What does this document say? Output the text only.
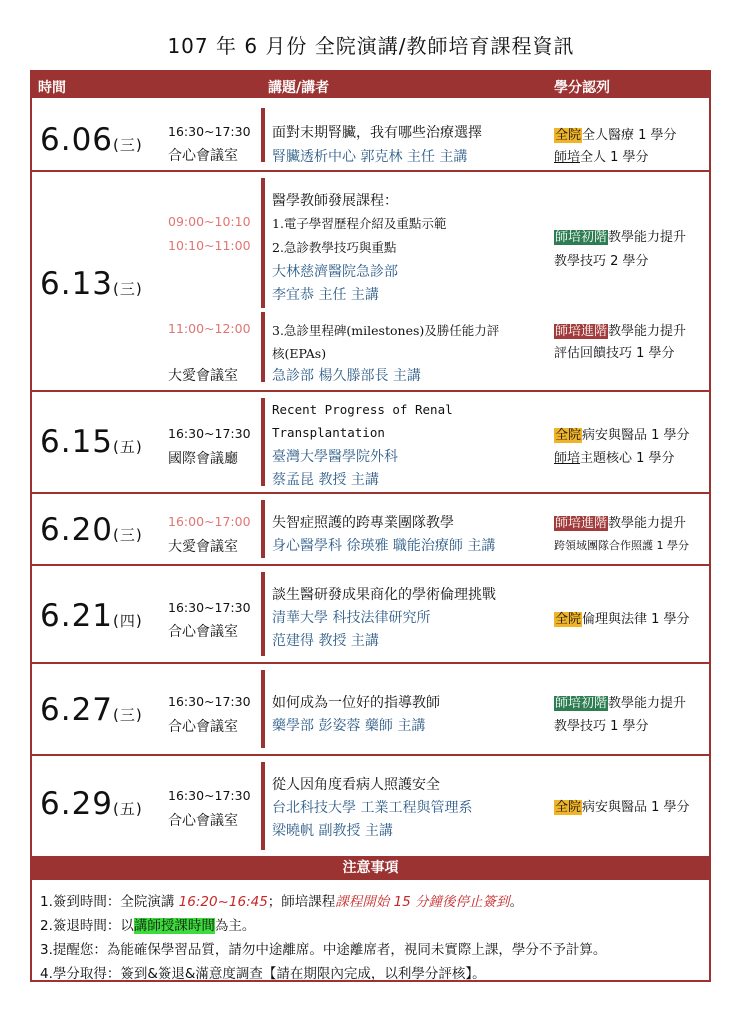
107 年 6 月份 全院演講/教師培育課程資訊
時間	講題/講者	學分認列
6.06(三)
16:30~17:30
合心會議室
面對末期腎臟，我有哪些治療選擇
腎臟透析中心 郭克林 主任 主講
全院全人醫療 1 學分
師培全人 1 學分
6.13(三)
09:00~10:10
10:10~11:00
醫學教師發展課程：
1.電子學習歷程介紹及重點示範
2.急診教學技巧與重點
大林慈濟醫院急診部
李宜恭 主任 主講
師培初階教學能力提升
教學技巧 2 學分
11:00~12:00
大愛會議室
3.急診里程碑(milestones)及勝任能力評
核(EPAs)
急診部 楊久滕部長 主講
師培進階教學能力提升
評估回饋技巧 1 學分
6.15(五)
16:30~17:30
國際會議廳
Recent Progress of Renal
Transplantation
臺灣大學醫學院外科
蔡孟昆 教授 主講
全院病安與醫品 1 學分
師培主題核心 1 學分
6.20(三)
16:00~17:00
大愛會議室
失智症照護的跨專業團隊教學
身心醫學科 徐瑛雅 職能治療師 主講
師培進階教學能力提升
跨領域團隊合作照護 1 學分
6.21(四)
16:30~17:30
合心會議室
談生醫研發成果商化的學術倫理挑戰
清華大學 科技法律研究所
范建得 教授 主講
全院倫理與法律 1 學分
6.27(三)
16:30~17:30
合心會議室
如何成為一位好的指導教師
藥學部 彭姿蓉 藥師 主講
師培初階教學能力提升
教學技巧 1 學分
6.29(五)
16:30~17:30
合心會議室
從人因角度看病人照護安全
台北科技大學 工業工程與管理系
梁曉帆 副教授 主講
全院病安與醫品 1 學分
注意事項
1.簽到時間：全院演講 16:20~16:45；師培課程課程開始 15 分鐘後停止簽到。
2.簽退時間：以講師授課時間為主。
3.提醒您：為能確保學習品質，請勿中途離席。中途離席者，視同未實際上課，學分不予計算。
4.學分取得：簽到&簽退&滿意度調查【請在期限內完成，以利學分評核】。
